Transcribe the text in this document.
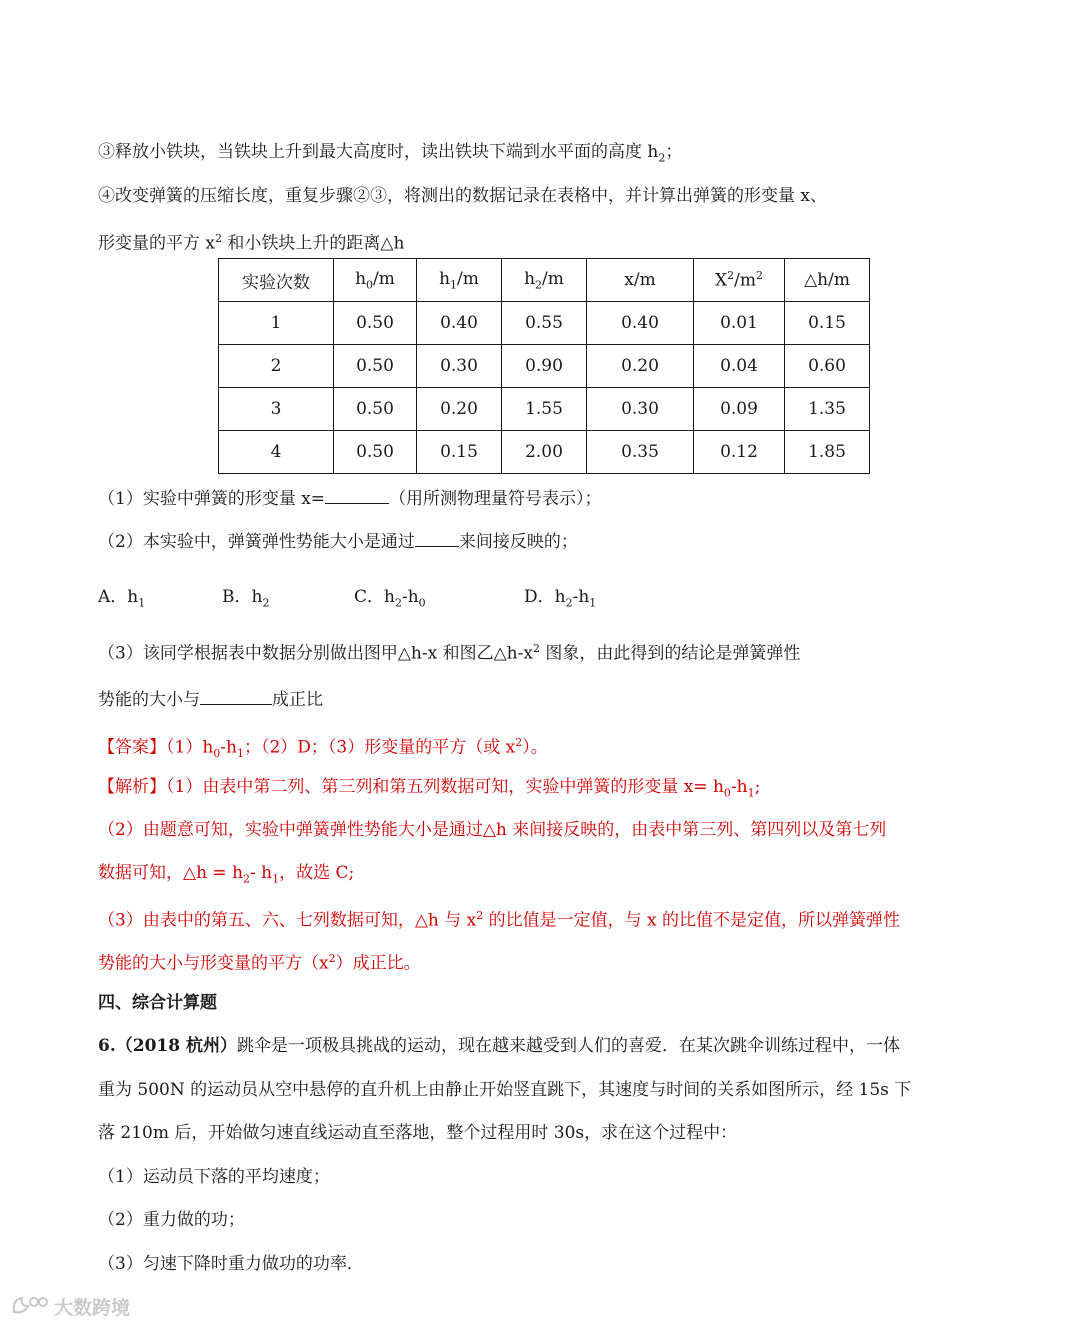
③释放小铁块，当铁块上升到最大高度时，读出铁块下端到水平面的高度 $h_2$；
④改变弹簧的压缩长度，重复步骤②③，将测出的数据记录在表格中，并计算出弹簧的形变量 x、
形变量的平方 $x^2$ 和小铁块上升的距离△h
实验次数	$h_0/m$	$h_1/m$	$h_2/m$	x/m	$X^2/m^2$	△h/m
1	0.50	0.40	0.55	0.40	0.01	0.15
2	0.50	0.30	0.90	0.20	0.04	0.60
3	0.50	0.20	1.55	0.30	0.09	1.35
4	0.50	0.15	2.00	0.35	0.12	1.85
（1）实验中弹簧的形变量 x=	（用所测物理量符号表示）；
（2）本实验中，弹簧弹性势能大小是通过	来间接反映的；
A．$h_1$	B．$h_2$	C．$h_2-h_0$	D．$h_2-h_1$
（3）该同学根据表中数据分别做出图甲△h-x 和图乙$\triangle h-x^2$ 图象，由此得到的结论是弹簧弹性
势能的大小与	成正比
【答案】$(1)h_0-h_1$；（2）D；（3）形变量的平方（或 $x^2$）。
【解析】（1）由表中第二列、第三列和第五列数据可知，实验中弹簧的形变量 $x= h_0-h_1$;
（2）由题意可知，实验中弹簧弹性势能大小是通过△h 来间接反映的，由表中第三列、第四列以及第七列
数据可知，△h = $h_2-$ $h_1$，故选 C;
（3）由表中的第五、六、七列数据可知，△h 与 $x^2$ 的比值是一定值，与 x 的比值不是定值，所以弹簧弹性
势能的大小与形变量的平方$(x^2)$成正比。
四、综合计算题
6.（2018 杭州）跳伞是一项极具挑战的运动，现在越来越受到人们的喜爱．在某次跳伞训练过程中，一体
重为 500N 的运动员从空中悬停的直升机上由静止开始竖直跳下，其速度与时间的关系如图所示，经 15s 下
落 210m 后，开始做匀速直线运动直至落地，整个过程用时 30s，求在这个过程中：
（1）运动员下落的平均速度；
（2）重力做的功；
（3）匀速下降时重力做功的功率．
大数跨境
